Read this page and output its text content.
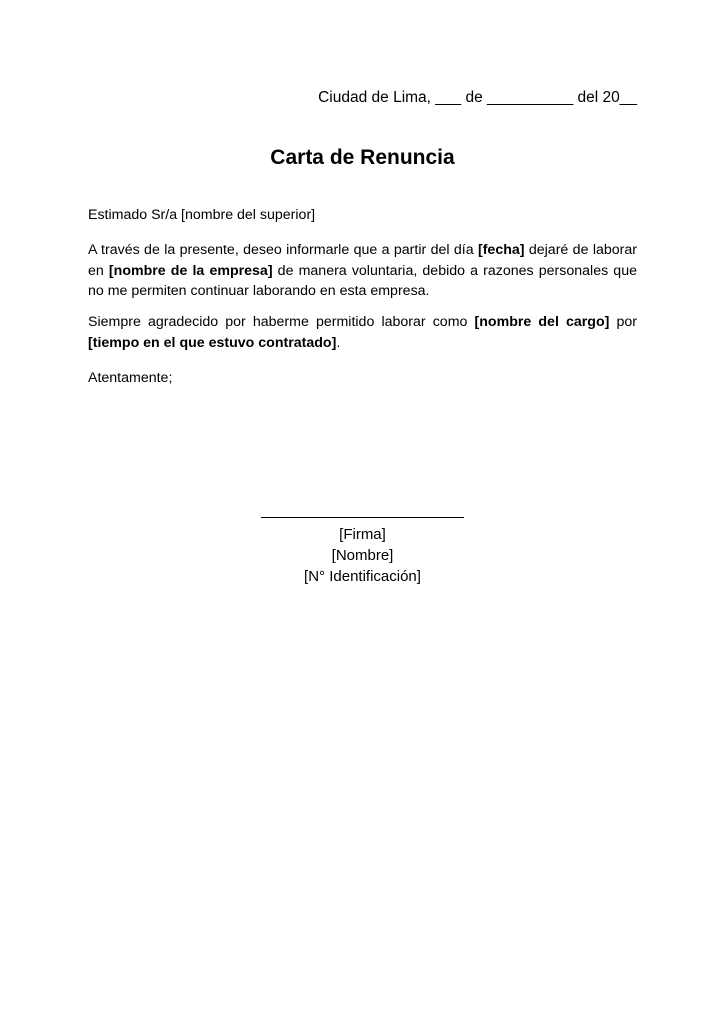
Ciudad de Lima, ___ de __________ del 20__
Carta de Renuncia
Estimado Sr/a [nombre del superior]
A través de la presente, deseo informarle que a partir del día [fecha] dejaré de laborar en [nombre de la empresa] de manera voluntaria, debido a razones personales que no me permiten continuar laborando en esta empresa.
Siempre agradecido por haberme permitido laborar como [nombre del cargo] por [tiempo en el que estuvo contratado].
Atentamente;
[Firma]
[Nombre]
[N° Identificación]
